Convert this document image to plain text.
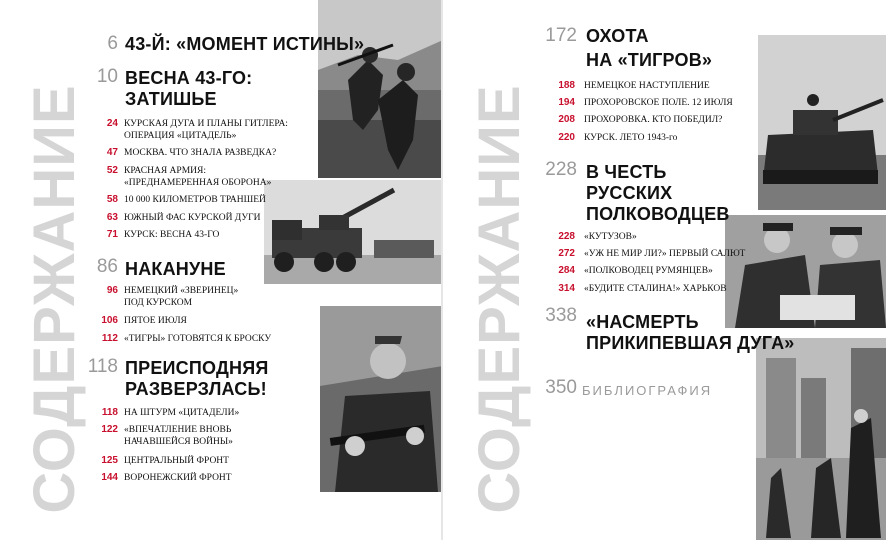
СОДЕРЖАНИЕ
6 43-Й: «МОМЕНТ ИСТИНЫ»
10 ВЕСНА 43-ГО:
ЗАТИШЬЕ
24 КУРСКАЯ ДУГА И ПЛАНЫ ГИТЛЕРА:
ОПЕРАЦИЯ «ЦИТАДЕЛЬ»
47 МОСКВА. ЧТО ЗНАЛА РАЗВЕДКА?
52 КРАСНАЯ АРМИЯ:
«ПРЕДНАМЕРЕННАЯ ОБОРОНА»
58 10 000 КИЛОМЕТРОВ ТРАНШЕЙ
63 ЮЖНЫЙ ФАС КУРСКОЙ ДУГИ
71 КУРСК: ВЕСНА 43-ГО
86 НАКАНУНЕ
96 НЕМЕЦКИЙ «ЗВЕРИНЕЦ»
ПОД КУРСКОМ
106 ПЯТОЕ ИЮЛЯ
112 «ТИГРЫ» ГОТОВЯТСЯ К БРОСКУ
118 ПРЕИСПОДНЯЯ
РАЗВЕРЗЛАСЬ!
118 НА ШТУРМ «ЦИТАДЕЛИ»
122 «ВПЕЧАТЛЕНИЕ ВНОВЬ
НАЧАВШЕЙСЯ ВОЙНЫ»
125 ЦЕНТРАЛЬНЫЙ ФРОНТ
144 ВОРОНЕЖСКИЙ ФРОНТ	СОДЕРЖАНИЕ
172 ОХОТА
НА «ТИГРОВ»
188 НЕМЕЦКОЕ НАСТУПЛЕНИЕ
194 ПРОХОРОВСКОЕ ПОЛЕ. 12 ИЮЛЯ
208 ПРОХОРОВКА. КТО ПОБЕДИЛ?
220 КУРСК. ЛЕТО 1943-го
228 В ЧЕСТЬ
РУССКИХ
ПОЛКОВОДЦЕВ
228 «КУТУЗОВ»
272 «УЖ НЕ МИР ЛИ?» ПЕРВЫЙ САЛЮТ
284 «ПОЛКОВОДЕЦ РУМЯНЦЕВ»
314 «БУДИТЕ СТАЛИНА!» ХАРЬКОВ
338 «НАСМЕРТЬ
ПРИКИПЕВШАЯ ДУГА»
350 БИБЛИОГРАФИЯ
